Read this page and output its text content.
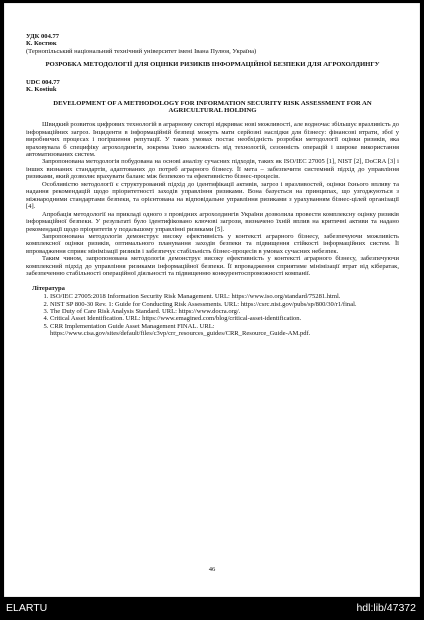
УДК 004.77
К. Костюк
(Тернопільський національний технічний університет імені Івана Пулюя, Україна)
РОЗРОБКА МЕТОДОЛОГІЇ ДЛЯ ОЦІНКИ РИЗИКІВ ІНФОРМАЦІЙНОЇ БЕЗПЕКИ ДЛЯ АГРОХОЛДИНГУ
UDC 004.77
K. Kostiuk
DEVELOPMENT OF A METHODOLOGY FOR INFORMATION SECURITY RISK ASSESSMENT FOR AN AGRICULTURAL HOLDING

Швидкий розвиток цифрових технологій в аграрному секторі відкриває нові можливості, але водночас збільшує вразливість до інформаційних загроз. Інциденти в інформаційній безпеці можуть мати серйозні наслідки для бізнесу: фінансові втрати, збої у виробничих процесах і погіршення репутації. У таких умовах постає необхідність розробки методології оцінки ризиків, яка враховувала б специфіку агрохолдингів, зокрема їхню залежність від технологій, сезонність операцій і широке використання автоматизованих систем.

Запропонована методологія побудована на основі аналізу сучасних підходів, таких як ISO/IEC 27005 [1], NIST [2], DoCRA [3] і інших визнаних стандартів, адаптованих до потреб аграрного бізнесу. Її мета – забезпечити системний підхід до управління ризиками, який дозволяє врахувати баланс між безпекою та ефективністю бізнес-процесів.

Особливістю методології є структурований підхід до ідентифікації активів, загроз і вразливостей, оцінки їхнього впливу та надання рекомендацій щодо пріоритетності заходів управління ризиками. Вона базується на принципах, що узгоджуються з міжнародними стандартами безпеки, та орієнтована на відповідальне управління ризиками з урахуванням бізнес-цілей організації [4].

Апробація методології на прикладі одного з провідних агрохолдингів України дозволила провести комплексну оцінку ризиків інформаційної безпеки. У результаті було ідентифіковано ключові загрози, визначено їхній вплив на критичні активи та надано рекомендації щодо пріоритетів у подальшому управлінні ризиками [5].

Запропонована методологія демонструє високу ефективність у контексті аграрного бізнесу, забезпечуючи можливість комплексної оцінки ризиків, оптимального планування заходів безпеки та підвищення стійкості інформаційних систем. Її впровадження сприяє мінімізації ризиків і забезпечує стабільність бізнес-процесів в умовах сучасних небезпек.

Таким чином, запропонована методологія демонструє високу ефективність у контексті аграрного бізнесу, забезпечуючи комплексний підхід до управління ризиками інформаційної безпеки. Її впровадження сприятиме мінімізації втрат від кібератак, забезпеченню стабільності операційної діяльності та підвищенню конкурентоспроможності компанії.

Література
1. ISO/IEC 27005:2018 Information Security Risk Management. URL: https://www.iso.org/standard/75281.html.
2. NIST SP 800-30 Rev. 1: Guide for Conducting Risk Assessments. URL: https://csrc.nist.gov/pubs/sp/800/30/r1/final.
3. The Duty of Care Risk Analysis Standard. URL: https://www.docra.org/.
4. Critical Asset Identification. URL: https://www.emagined.com/blog/critical-asset-identification.
5. CRR Implementation Guide Asset Management FINAL. URL: https://www.cisa.gov/sites/default/files/c3vp/crr_resources_guides/CRR_Resource_Guide-AM.pdf.
46
ELARTU	hdl:lib/47372
